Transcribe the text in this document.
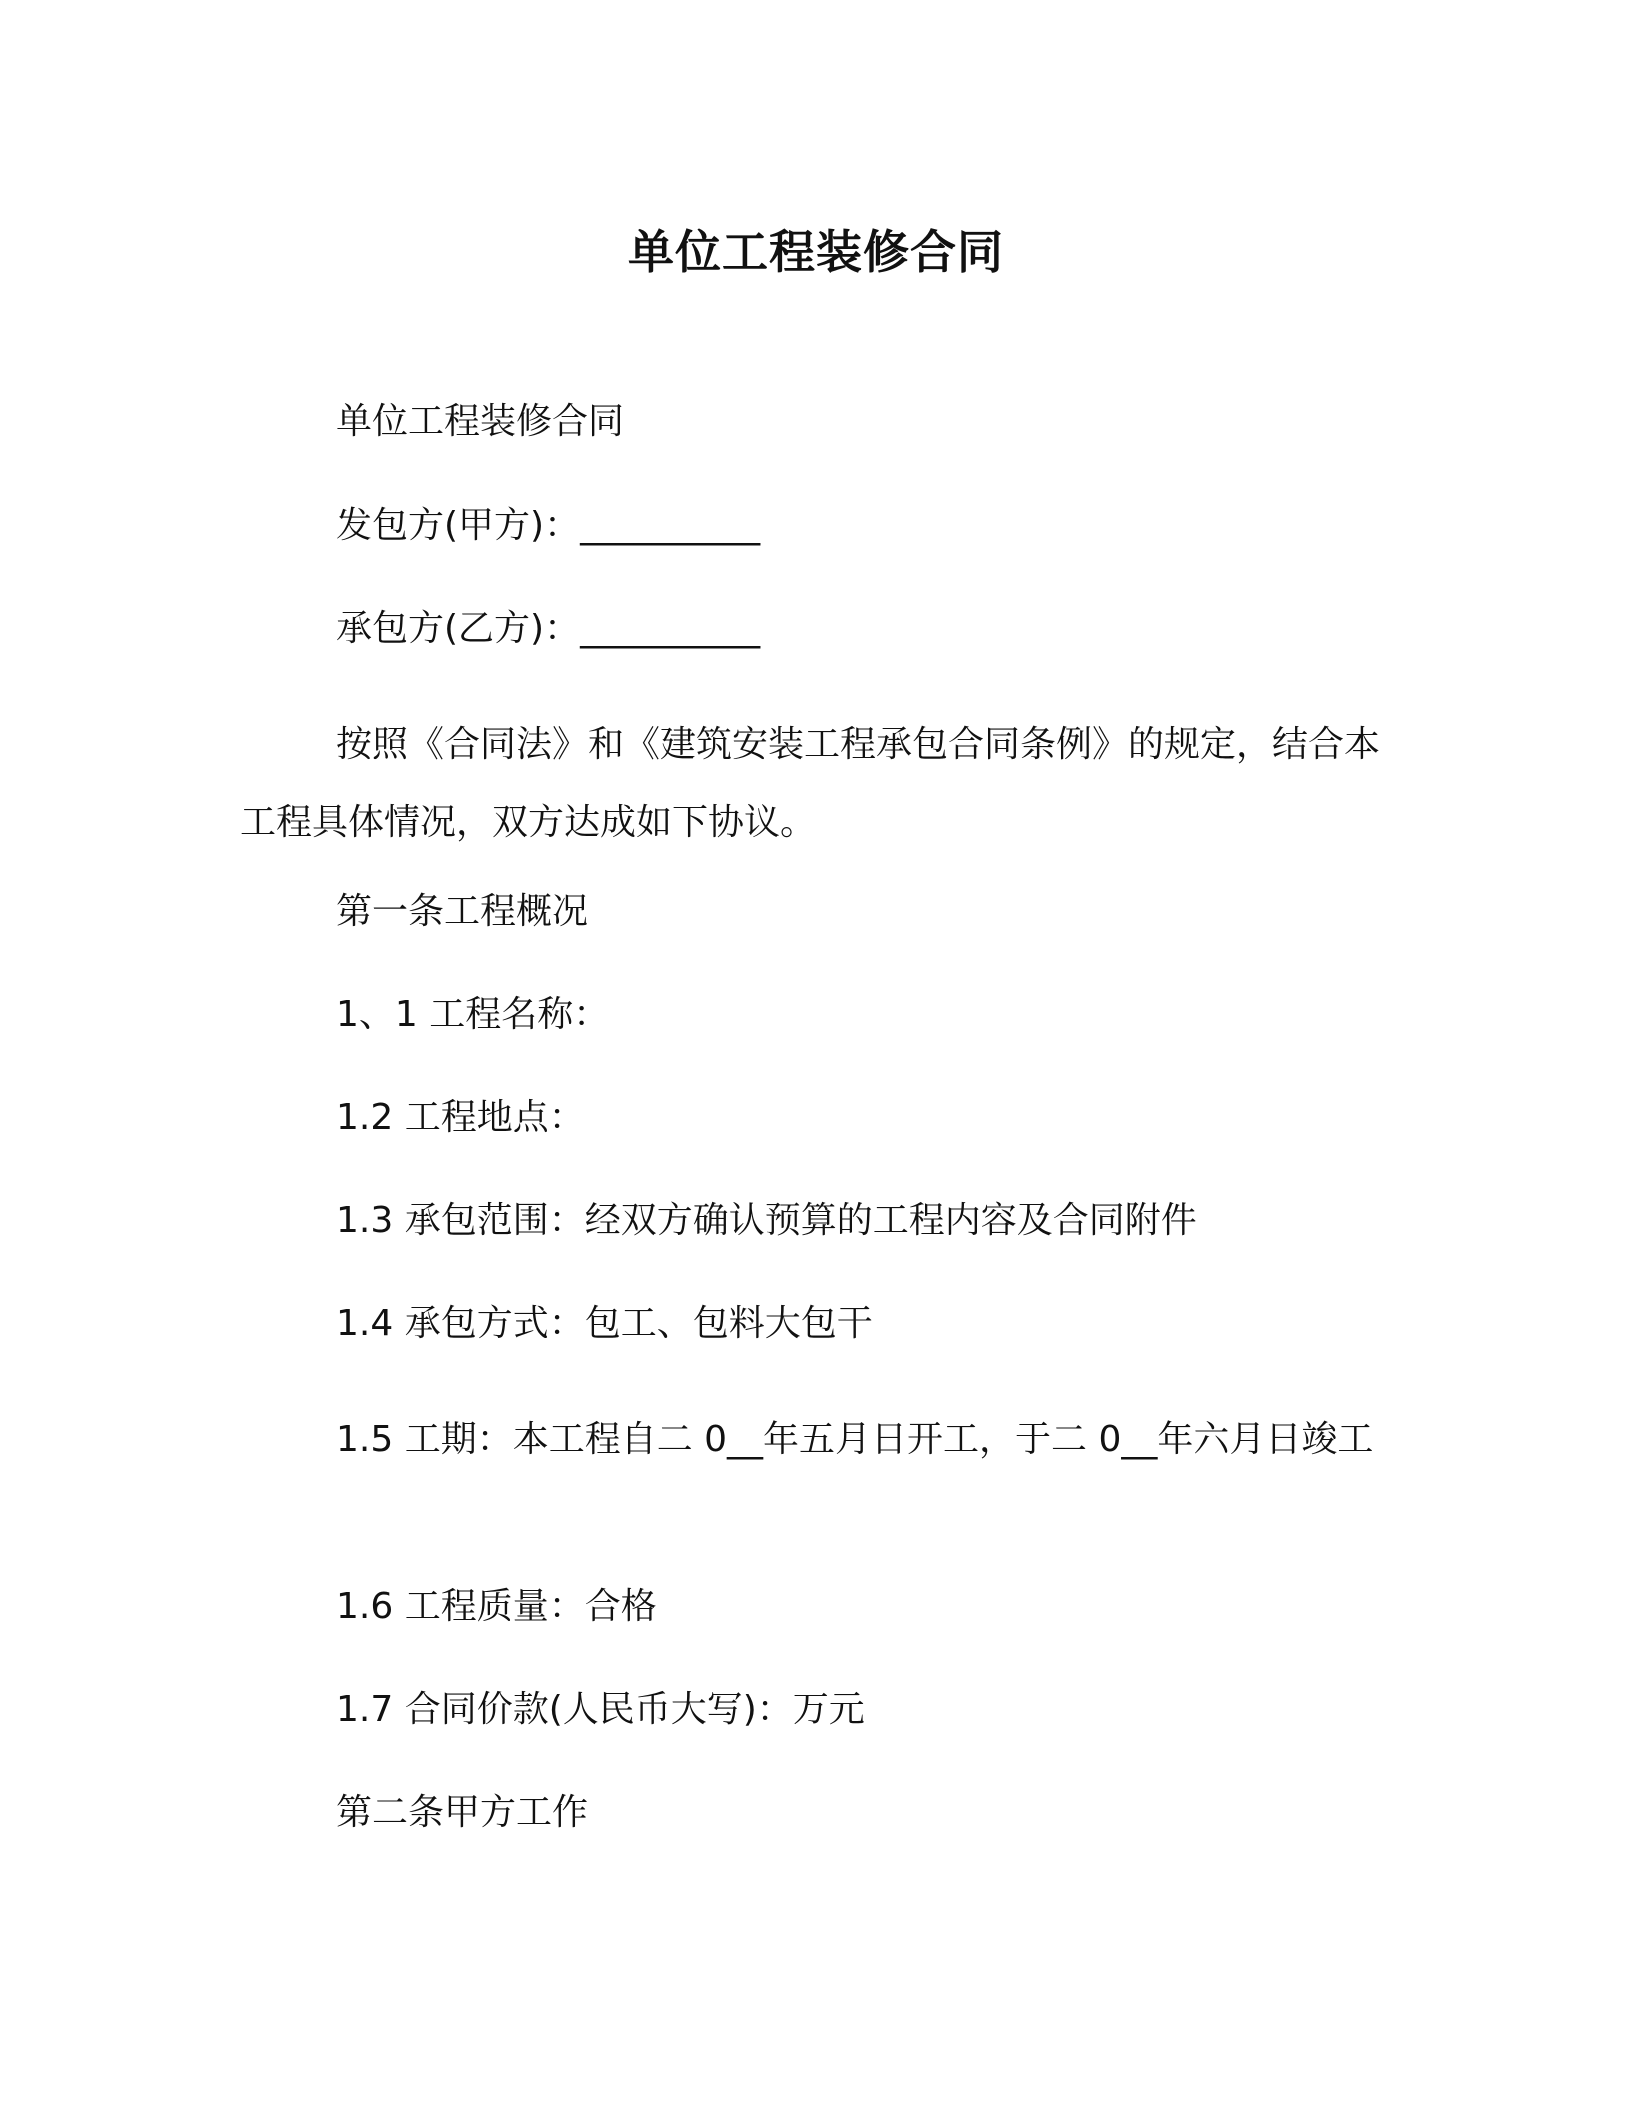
单位工程装修合同

单位工程装修合同

发包方(甲方)：__________

承包方(乙方)：__________

按照《合同法》和《建筑安装工程承包合同条例》的规定，结合本工程具体情况，双方达成如下协议。

第一条工程概况

1、1 工程名称：

1.2 工程地点：

1.3 承包范围：经双方确认预算的工程内容及合同附件

1.4 承包方式：包工、包料大包干

1.5 工期：本工程自二 0__年五月日开工，于二 0__年六月日竣工

1.6 工程质量：合格

1.7 合同价款(人民币大写)：万元

第二条甲方工作
